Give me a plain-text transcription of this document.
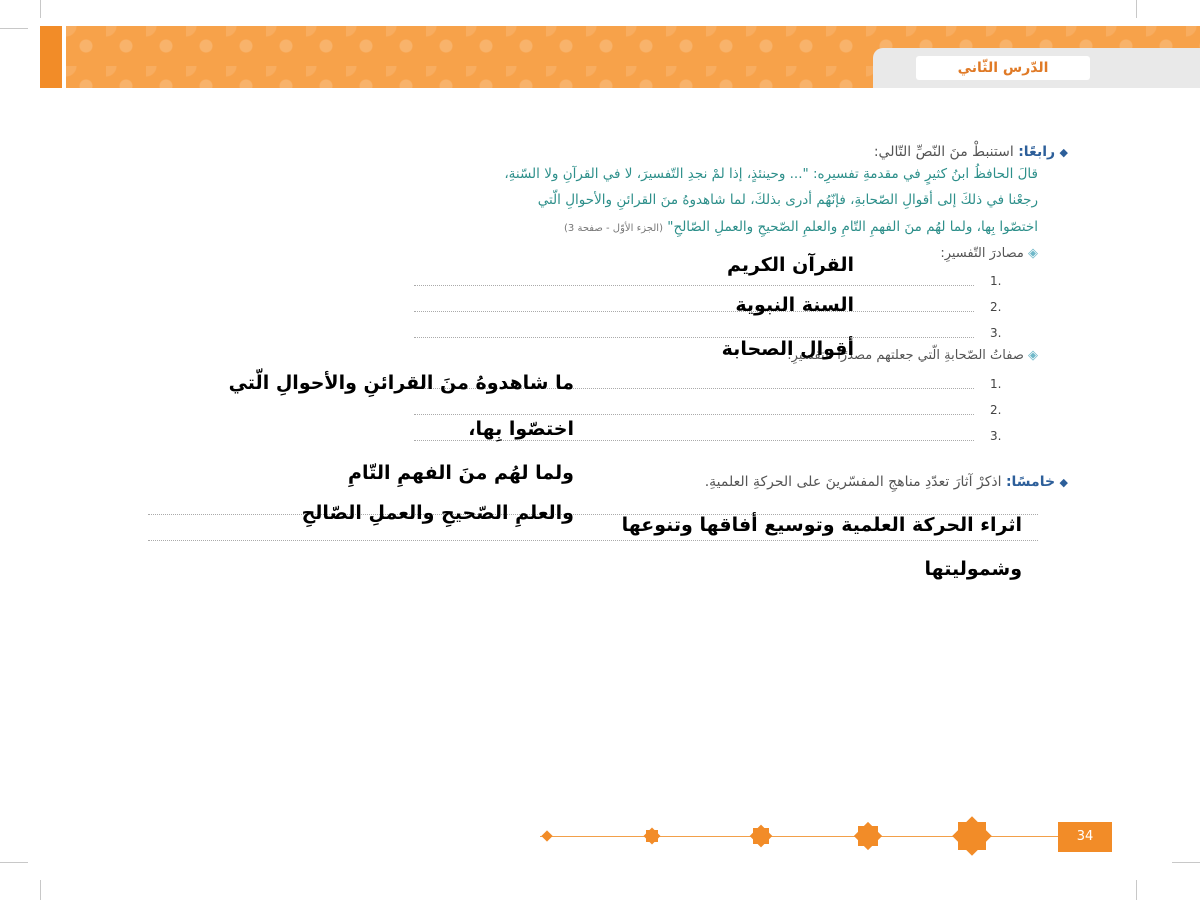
الدّرس الثّاني
◆ رابعًا: استنبطْ منَ النّصِّ التّالي:
قالَ الحافظُ ابنُ كثيرٍ في مقدمةِ تفسيرِه: "... وحينئذٍ، إذا لمْ نجدِ التّفسيرَ، لا في القرآنِ ولا السّنةِ،
رجعْنا في ذلكَ إلى أقوالِ الصّحابةِ، فإنّهُم أدرى بذلكَ، لما شاهدوهُ منَ القرائنِ والأحوالِ الّتي
اختصّوا بِها، ولما لهُم منَ الفهمِ التّامِ والعلمِ الصّحيحِ والعملِ الصّالحِ" (الجزء الأوّل - صفحة 3)
◈ مصادرَ التّفسيرِ:
1.
2.
3.
◈ صفاتُ الصّحابةِ الّتي جعلتهم مصدرًا للتفسيرِ:
1.
2.
3.
◆ خامسًا: اذكرْ آثارَ تعدّدِ مناهجِ المفسّرينَ على الحركةِ العلميةِ.
القرآن الكريم
السنة النبوية
أقوال الصحابة
ما شاهدوهُ منَ القرائنِ والأحوالِ الّتي
اختصّوا بِها،
ولما لهُم منَ الفهمِ التّامِ
والعلمِ الصّحيحِ والعملِ الصّالحِ
اثراء الحركة العلمية وتوسيع أفاقها وتنوعها
وشموليتها
34
